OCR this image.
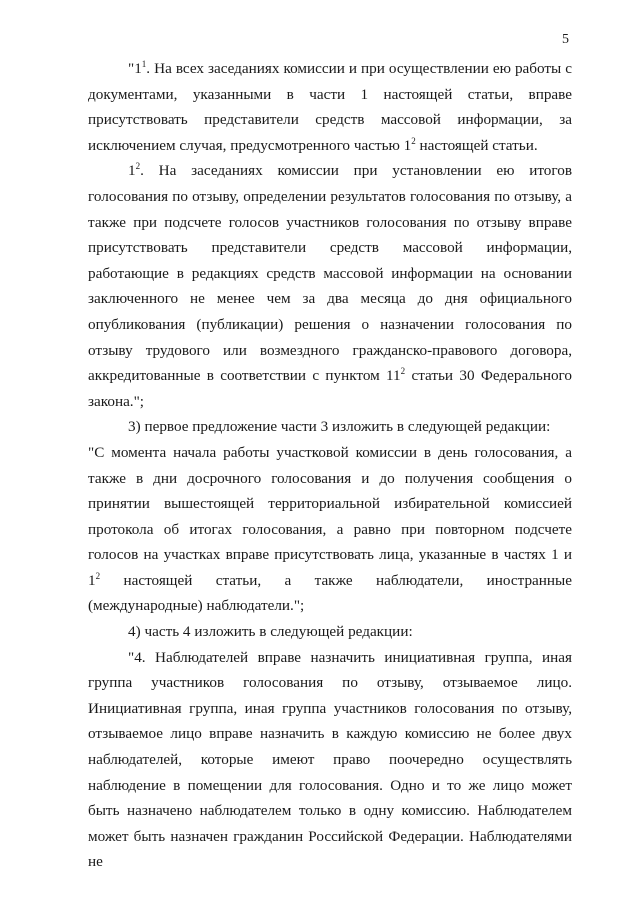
5

"$1^1$. На всех заседаниях комиссии и при осуществлении ею работы с документами, указанными в части 1 настоящей статьи, вправе присутствовать представители средств массовой информации, за исключением случая, предусмотренного частью $1^2$ настоящей статьи.

$1^2$. На заседаниях комиссии при установлении ею итогов голосования по отзыву, определении результатов голосования по отзыву, а также при подсчете голосов участников голосования по отзыву вправе присутствовать представители средств массовой информации, работающие в редакциях средств массовой информации на основании заключенного не менее чем за два месяца до дня официального опубликования (публикации) решения о назначении голосования по отзыву трудового или возмездного гражданско-правового договора, аккредитованные в соответствии с пунктом $11^2$ статьи 30 Федерального закона.";

3) первое предложение части 3 изложить в следующей редакции:

"С момента начала работы участковой комиссии в день голосования, а также в дни досрочного голосования и до получения сообщения о принятии вышестоящей территориальной избирательной комиссией протокола об итогах голосования, а равно при повторном подсчете голосов на участках вправе присутствовать лица, указанные в частях 1 и $1^2$ настоящей статьи, а также наблюдатели, иностранные (международные) наблюдатели.";

4) часть 4 изложить в следующей редакции:

"4. Наблюдателей вправе назначить инициативная группа, иная группа участников голосования по отзыву, отзываемое лицо. Инициативная группа, иная группа участников голосования по отзыву, отзываемое лицо вправе назначить в каждую комиссию не более двух наблюдателей, которые имеют право поочередно осуществлять наблюдение в помещении для голосования. Одно и то же лицо может быть назначено наблюдателем только в одну комиссию. Наблюдателем может быть назначен гражданин Российской Федерации. Наблюдателями не
